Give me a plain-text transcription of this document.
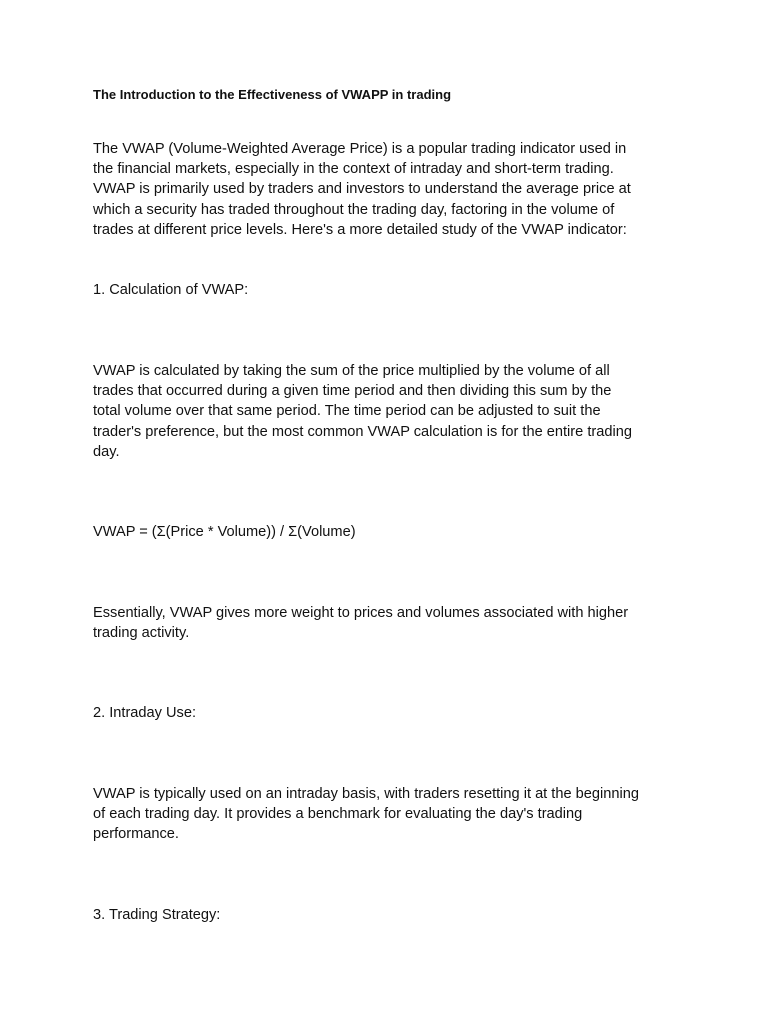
The Introduction to the Effectiveness of VWAPP in trading

The VWAP (Volume-Weighted Average Price) is a popular trading indicator used in
the financial markets, especially in the context of intraday and short-term trading.
VWAP is primarily used by traders and investors to understand the average price at
which a security has traded throughout the trading day, factoring in the volume of
trades at different price levels. Here's a more detailed study of the VWAP indicator:

1. Calculation of VWAP:

VWAP is calculated by taking the sum of the price multiplied by the volume of all
trades that occurred during a given time period and then dividing this sum by the
total volume over that same period. The time period can be adjusted to suit the
trader's preference, but the most common VWAP calculation is for the entire trading
day.

VWAP = (Σ(Price * Volume)) / Σ(Volume)

Essentially, VWAP gives more weight to prices and volumes associated with higher
trading activity.

2. Intraday Use:

VWAP is typically used on an intraday basis, with traders resetting it at the beginning
of each trading day. It provides a benchmark for evaluating the day's trading
performance.

3. Trading Strategy:
